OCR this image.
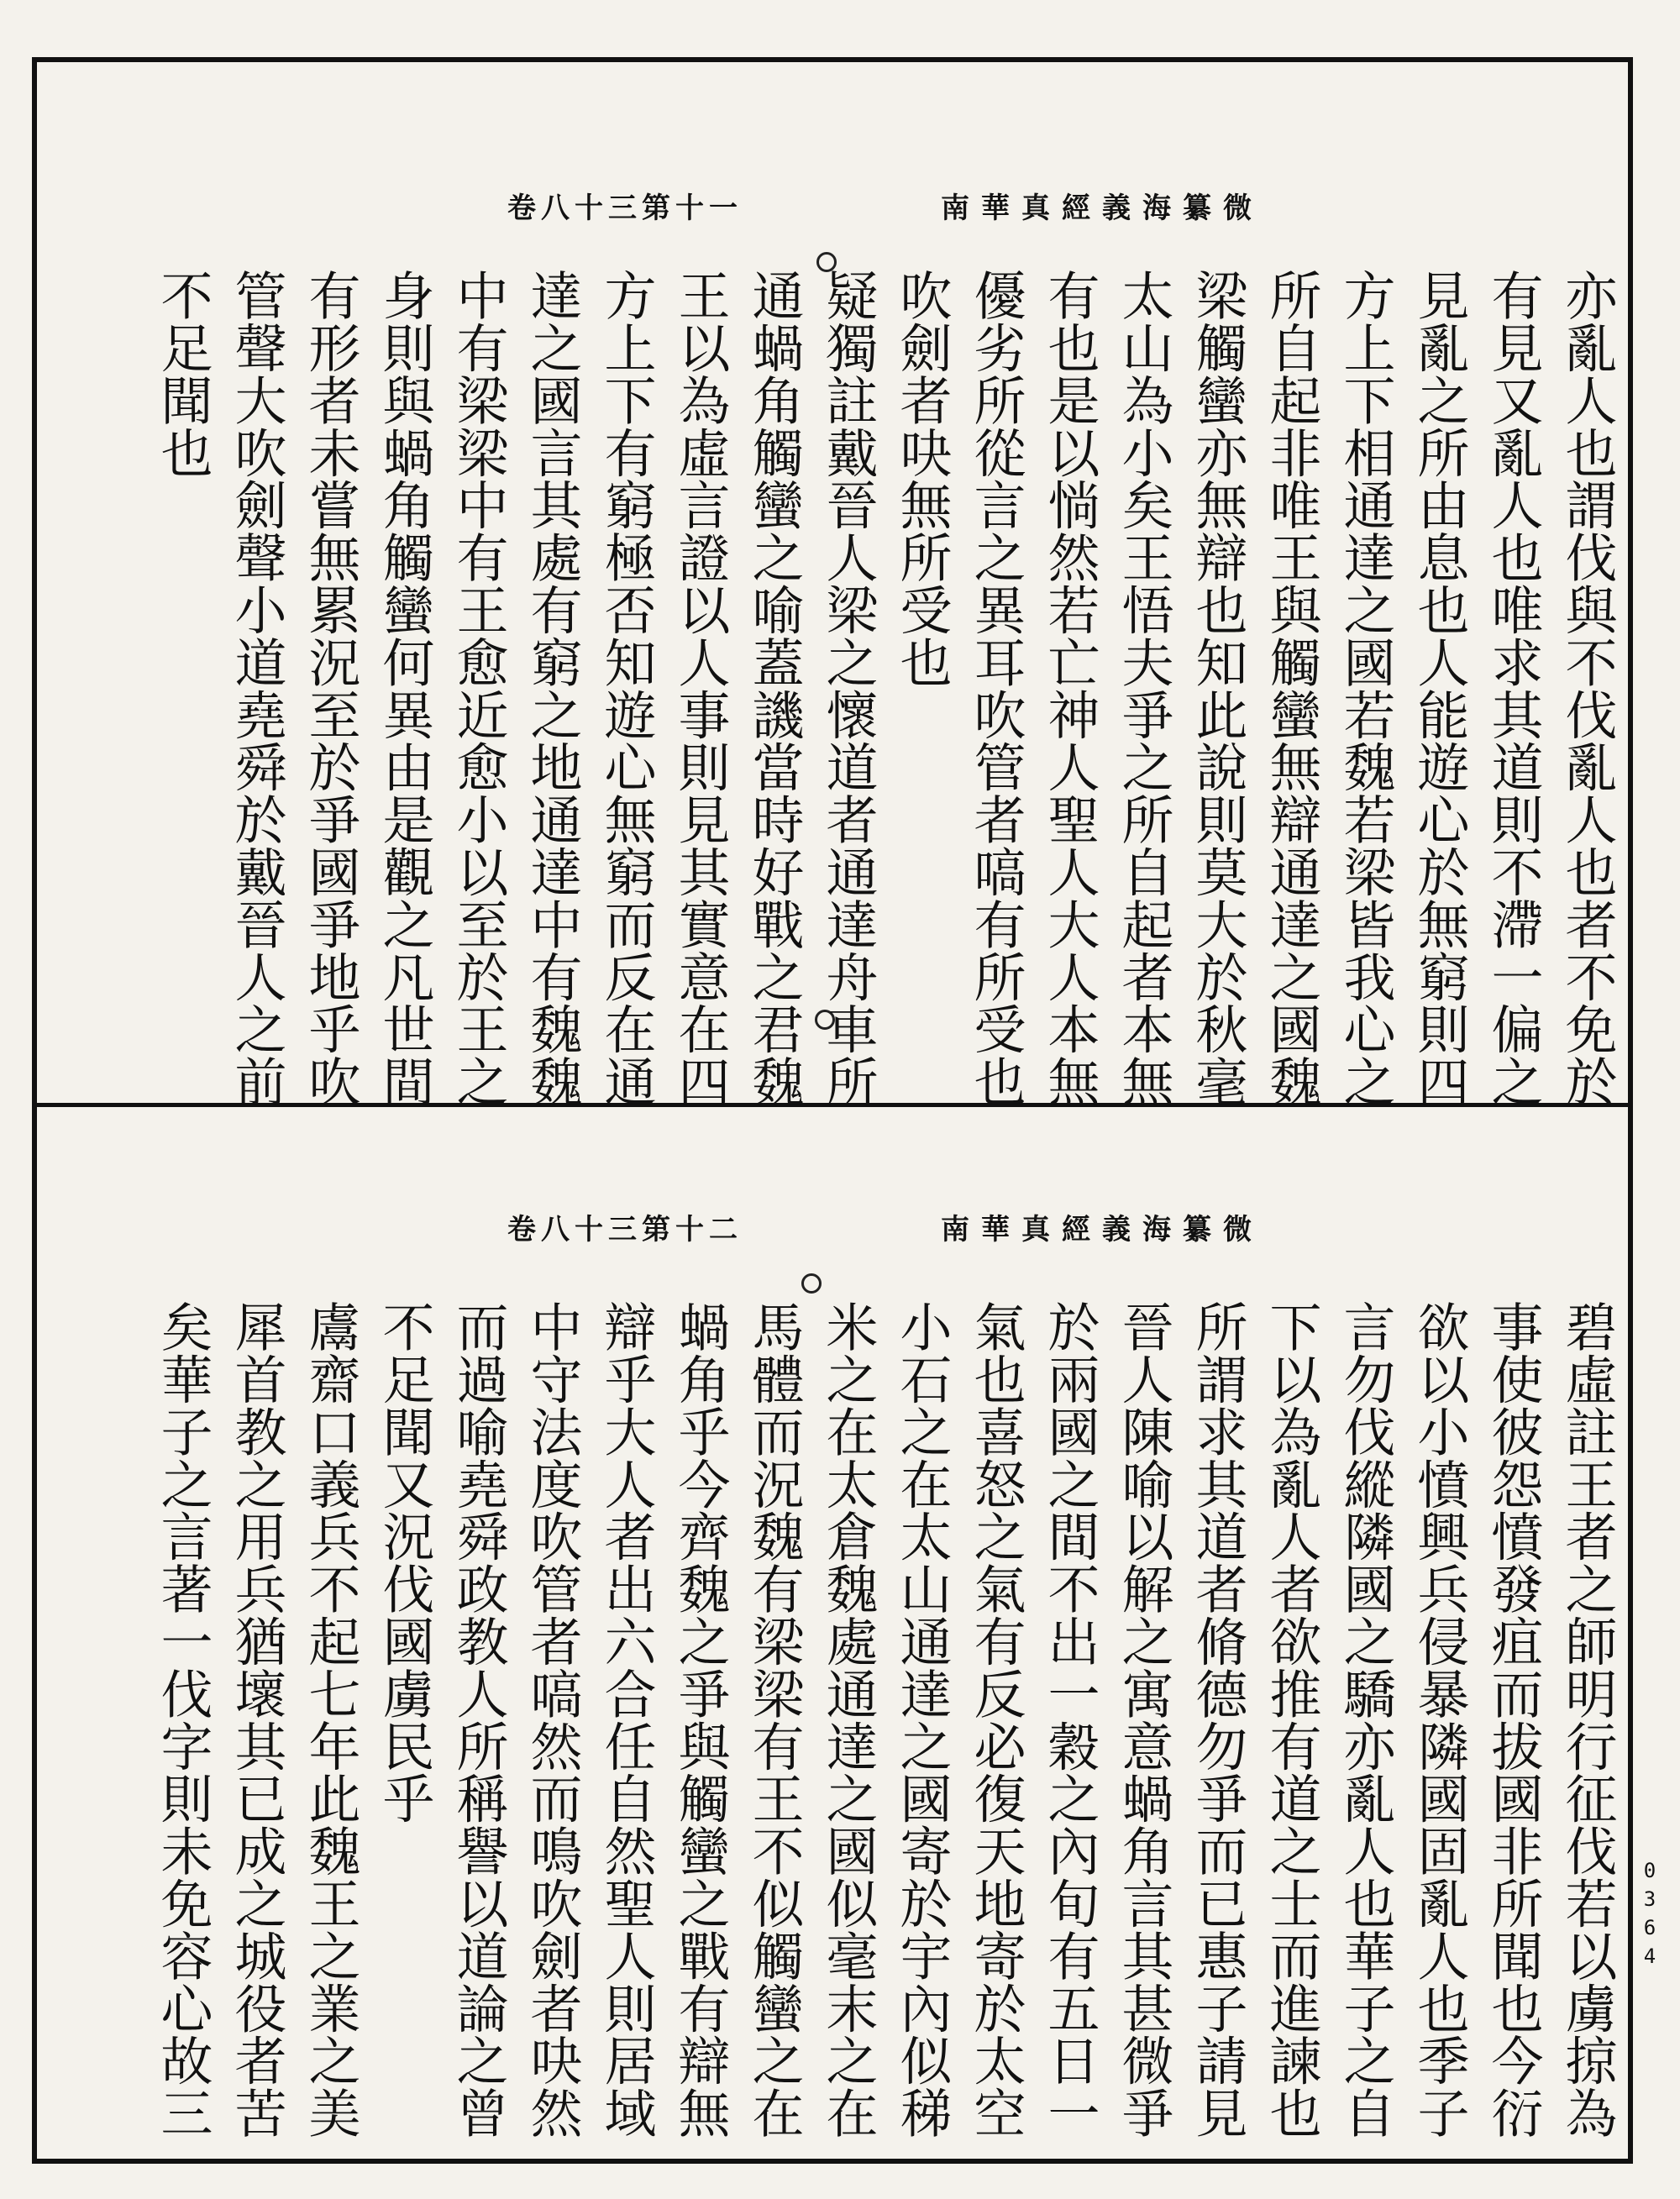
卷八十三第十一	南華真經義海纂微
亦亂人也謂伐與不伐亂人也者不免於
有見又亂人也唯求其道則不滯一偏之
見亂之所由息也人能遊心於無窮則四
方上下相通達之國若魏若梁皆我心之
所自起非唯王與觸蠻無辯通達之國魏
梁觸蠻亦無辯也知此說則莫大於秋毫
太山為小矣王悟夫爭之所自起者本無
有也是以惝然若亡神人聖人大人本無
優劣所從言之異耳吹管者嗃有所受也
吹劍者吷無所受也
疑獨註戴晉人梁之懷道者通達舟車所
通蝸角觸蠻之喻蓋譏當時好戰之君魏
王以為虛言證以人事則見其實意在四
方上下有窮極否知遊心無窮而反在通
達之國言其處有窮之地通達中有魏魏
中有梁梁中有王愈近愈小以至於王之
身則與蝸角觸蠻何異由是觀之凡世間
有形者未嘗無累況至於爭國爭地乎吹
管聲大吹劍聲小道堯舜於戴晉人之前
不足聞也
卷八十三第十二	南華真經義海纂微
碧虛註王者之師明行征伐若以虜掠為
事使彼怨憤發疽而拔國非所聞也今衍
欲以小憤興兵侵暴隣國固亂人也季子
言勿伐縱隣國之驕亦亂人也華子之自
下以為亂人者欲推有道之士而進諫也
所謂求其道者脩德勿爭而已惠子請見
晉人陳喻以解之寓意蝸角言其甚微爭
於兩國之間不出一穀之內旬有五日一
氣也喜怒之氣有反必復天地寄於太空
小石之在太山通達之國寄於宇內似稊
米之在太倉魏處通達之國似毫末之在
馬體而況魏有梁梁有王不似觸蠻之在
蝸角乎今齊魏之爭與觸蠻之戰有辯無
辯乎大人者出六合任自然聖人則居域
中守法度吹管者嗃然而鳴吹劍者吷然
而過喻堯舜政教人所稱譽以道論之曾
不足聞又況伐國虜民乎
鬳齋口義兵不起七年此魏王之業之美
犀首教之用兵猶壞其已成之城役者苦
矣華子之言著一伐字則未免容心故三	0364
